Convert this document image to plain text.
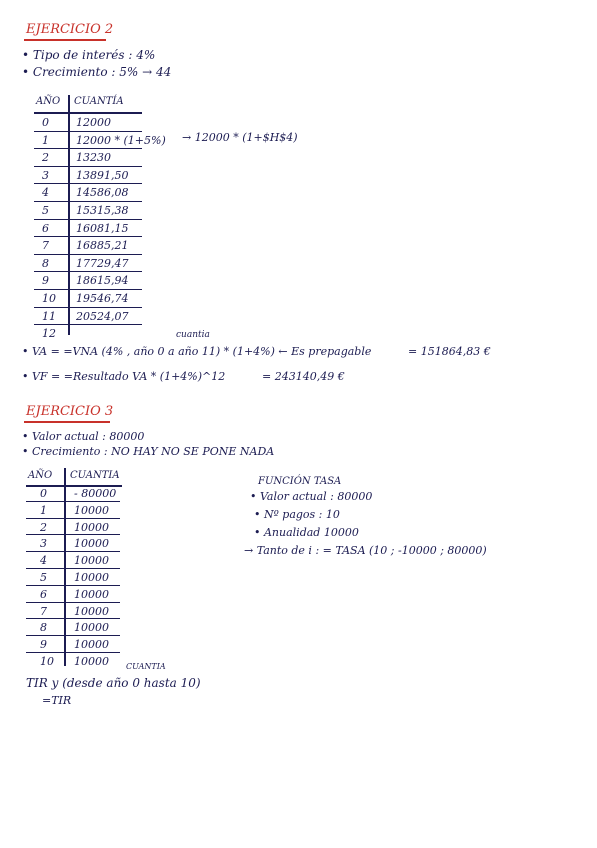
EJERCICIO 2
• Tipo de interés : 4%
• Crecimiento : 5% → 44
AÑO CUANTÍA
0 12000
1 12000 * (1+5%)
2 13230
3 13891,50
4 14586,08
5 15315,38
6 16081,15
7 16885,21
8 17729,47
9 18615,94
10 19546,74
11 20524,07
12
→ 12000 * (1+$H$4)
cuantia
• VA = =VNA (4% , año 0 a año 11) * (1+4%) ← Es prepagable	= 151864,83 €
• VF = =Resultado VA * (1+4%)^12	= 243140,49 €
EJERCICIO 3
• Valor actual : 80000
• Crecimiento : NO HAY NO SE PONE NADA
AÑO CUANTIA
0 - 80000
1 10000
2 10000
3 10000
4 10000
5 10000
6 10000
7 10000
8 10000
9 10000
10 10000
FUNCIÓN TASA
• Valor actual : 80000
• Nº pagos : 10
• Anualidad 10000
→ Tanto de i : = TASA (10 ; -10000 ; 80000)
CUANTIA
TIR y (desde año 0 hasta 10)
=TIR
